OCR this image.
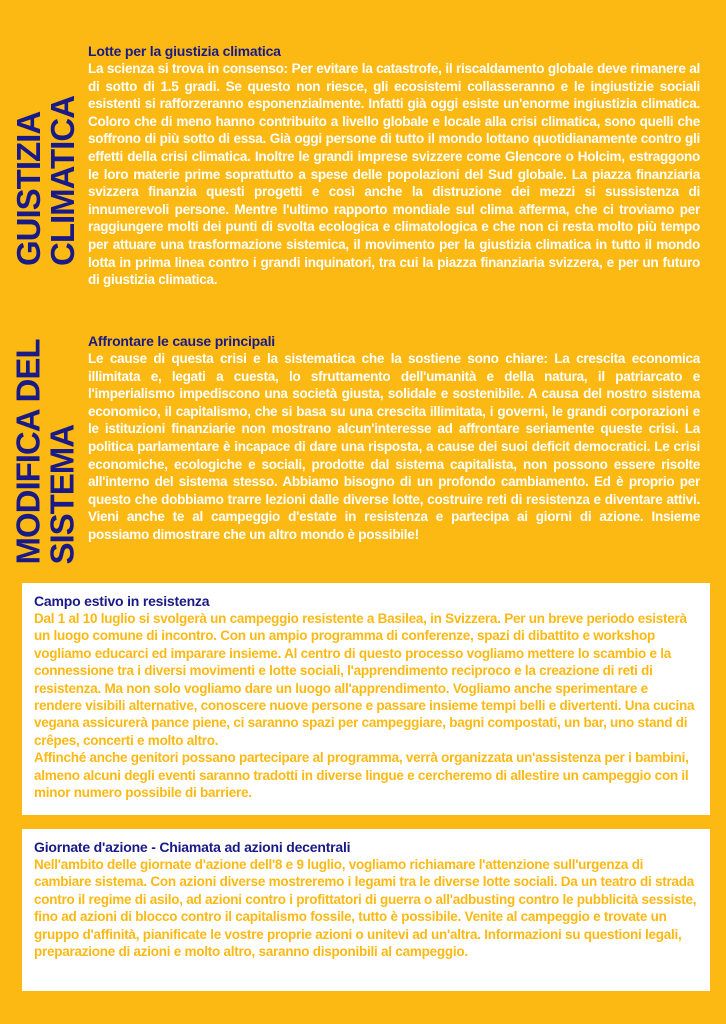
GUISTIZIA
CLIMATICA

Lotte per la giustizia climatica

La scienza si trova in consenso: Per evitare la catastrofe, il riscaldamento globale deve rimanere al di sotto di 1.5 gradi. Se questo non riesce, gli ecosistemi collasseranno e le ingiustizie sociali esistenti si rafforzeranno esponenzialmente. Infatti già oggi esiste un'enorme ingiustizia climatica. Coloro che di meno hanno contribuito a livello globale e locale alla crisi climatica, sono quelli che soffrono di più sotto di essa. Già oggi persone di tutto il mondo lottano quotidianamente contro gli effetti della crisi climatica. Inoltre le grandi imprese svizzere come Glencore o Holcim, estraggono le loro materie prime soprattutto a spese delle popolazioni del Sud globale. La piazza finanziaria svizzera finanzia questi progetti e così anche la distruzione dei mezzi si sussistenza di innumerevoli persone. Mentre l'ultimo rapporto mondiale sul clima afferma, che ci troviamo per raggiungere molti dei punti di svolta ecologica e climatologica e che non ci resta molto più tempo per attuare una trasformazione sistemica, il movimento per la giustizia climatica in tutto il mondo lotta in prima linea contro i grandi inquinatori, tra cui la piazza finanziaria svizzera, e per un futuro di giustizia climatica.

MODIFICA DEL
SISTEMA

Affrontare le cause principali

Le cause di questa crisi e la sistematica che la sostiene sono chiare: La crescita economica illimitata e, legati a cuesta, lo sfruttamento dell'umanità e della natura, il patriarcato e l'imperialismo impediscono una società giusta, solidale e sostenibile. A causa del nostro sistema economico, il capitalismo, che si basa su una crescita illimitata, i governi, le grandi corporazioni e le istituzioni finanziarie non mostrano alcun'interesse ad affrontare seriamente queste crisi. La politica parlamentare è incapace di dare una risposta, a cause dei suoi deficit democratici. Le crisi economiche, ecologiche e sociali, prodotte dal sistema capitalista, non possono essere risolte all'interno del sistema stesso. Abbiamo bisogno di un profondo cambiamento. Ed è proprio per questo che dobbiamo trarre lezioni dalle diverse lotte, costruire reti di resistenza e diventare attivi. Vieni anche te al campeggio d'estate in resistenza e partecipa ai giorni di azione. Insieme possiamo dimostrare che un altro mondo è possibile!

Campo estivo in resistenza

Dal 1 al 10 luglio si svolgerà un campeggio resistente a Basilea, in Svizzera. Per un breve periodo esisterà un luogo comune di incontro. Con un ampio programma di conferenze, spazi di dibattito e workshop vogliamo educarci ed imparare insieme. Al centro di questo processo vogliamo mettere lo scambio e la connessione tra i diversi movimenti e lotte sociali, l'apprendimento reciproco e la creazione di reti di resistenza. Ma non solo vogliamo dare un luogo all'apprendimento. Vogliamo anche sperimentare e rendere visibili alternative, conoscere nuove persone e passare insieme tempi belli e divertenti. Una cucina vegana assicurerà pance piene, ci saranno spazi per campeggiare, bagni compostati, un bar, uno stand di crêpes, concerti e molto altro.

Affinché anche genitori possano partecipare al programma, verrà organizzata un'assistenza per i bambini, almeno alcuni degli eventi saranno tradotti in diverse lingue e cercheremo di allestire un campeggio con il minor numero possibile di barriere.

Giornate d'azione - Chiamata ad azioni decentrali

Nell'ambito delle giornate d'azione dell'8 e 9 luglio, vogliamo richiamare l'attenzione sull'urgenza di cambiare sistema. Con azioni diverse mostreremo i legami tra le diverse lotte sociali. Da un teatro di strada contro il regime di asilo, ad azioni contro i profittatori di guerra o all'adbusting contro le pubblicità sessiste, fino ad azioni di blocco contro il capitalismo fossile, tutto è possibile. Venite al campeggio e trovate un gruppo d'affinità, pianificate le vostre proprie azioni o unitevi ad un'altra. Informazioni su questioni legali, preparazione di azioni e molto altro, saranno disponibili al campeggio.
